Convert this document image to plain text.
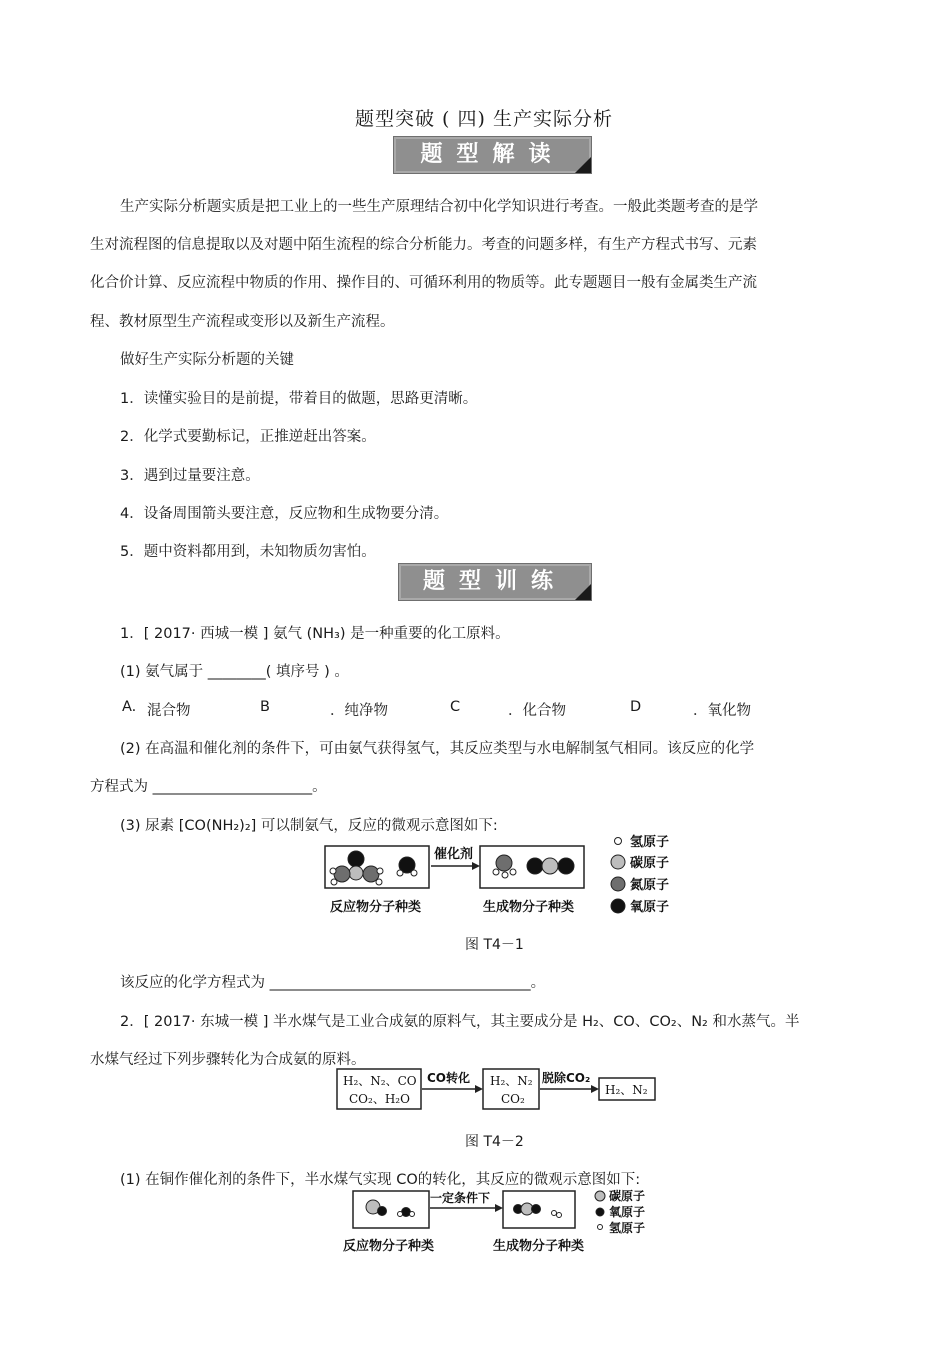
题型突破 ( 四) 生产实际分析
题型解读
生产实际分析题实质是把工业上的一些生产原理结合初中化学知识进行考查。一般此类题考查的是学
生对流程图的信息提取以及对题中陌生流程的综合分析能力。考查的问题多样，有生产方程式书写、元素
化合价计算、反应流程中物质的作用、操作目的、可循环利用的物质等。此专题题目一般有金属类生产流
程、教材原型生产流程或变形以及新生产流程。
做好生产实际分析题的关键
1．读懂实验目的是前提，带着目的做题，思路更清晰。
2．化学式要勤标记，正推逆赶出答案。
3．遇到过量要注意。
4．设备周围箭头要注意，反应物和生成物要分清。
5．题中资料都用到，未知物质勿害怕。
题型训练
1．[ 2017· 西城一模 ] 氨气 (NH₃) 是一种重要的化工原料。
(1) 氨气属于 ________( 填序号 ) 。
A. 混合物	B	．纯净物	C	．化合物	D	．氧化物
(2) 在高温和催化剂的条件下，可由氨气获得氢气，其反应类型与水电解制氢气相同。该反应的化学
方程式为 ______________________。
(3) 尿素 [CO(NH₂)₂] 可以制氨气，反应的微观示意图如下:
催化剂
反应物分子种类	生成物分子种类
氢原子
碳原子
氮原子
氧原子
图 T4－1
该反应的化学方程式为 ____________________________________。
2．[ 2017· 东城一模 ] 半水煤气是工业合成氨的原料气，其主要成分是 H₂、CO、CO₂、N₂ 和水蒸气。半
水煤气经过下列步骤转化为合成氨的原料。
H₂、N₂、CO
CO₂、H₂O
CO转化 H₂、N₂
CO₂
脱除CO₂
H₂、N₂
图 T4－2
(1) 在铜作催化剂的条件下，半水煤气实现 CO的转化，其反应的微观示意图如下:
一定条件下
反应物分子种类	生成物分子种类
碳原子
氧原子
氢原子
